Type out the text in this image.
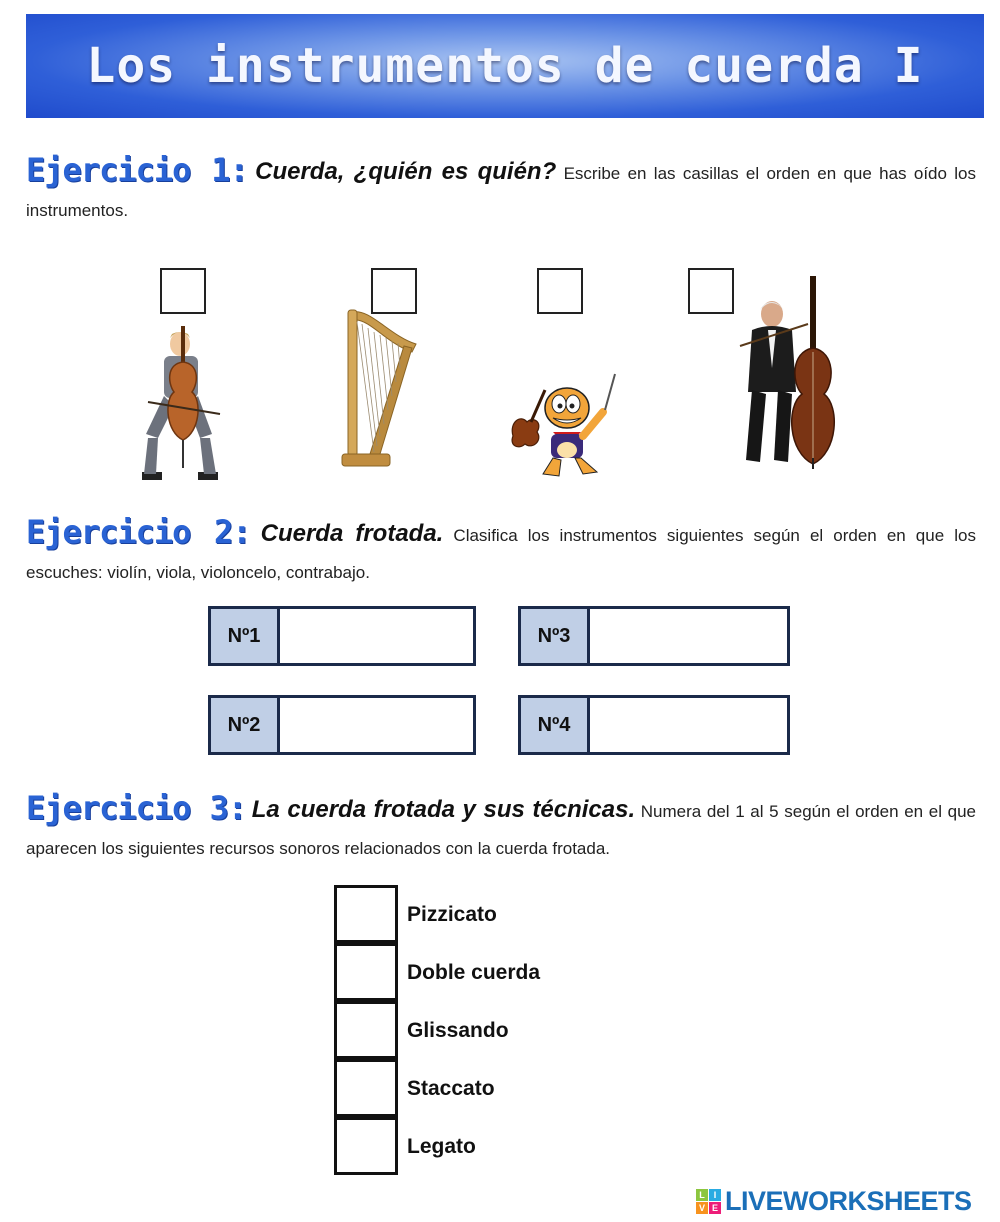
Los instrumentos de cuerda I
Ejercicio 1: Cuerda, ¿quién es quién? Escribe en las casillas el orden en que has oído los instrumentos.
Ejercicio 2: Cuerda frotada. Clasifica los instrumentos siguientes según el orden en que los escuches: violín, viola, violoncelo, contrabajo.
Nº1
Nº2
Nº3
Nº4
Ejercicio 3: La cuerda frotada y sus técnicas. Numera del 1 al 5 según el orden en el que aparecen los siguientes recursos sonoros relacionados con la cuerda frotada.
Pizzicato
Doble cuerda
Glissando
Staccato
Legato
L I
V E LIVEWORKSHEETS
